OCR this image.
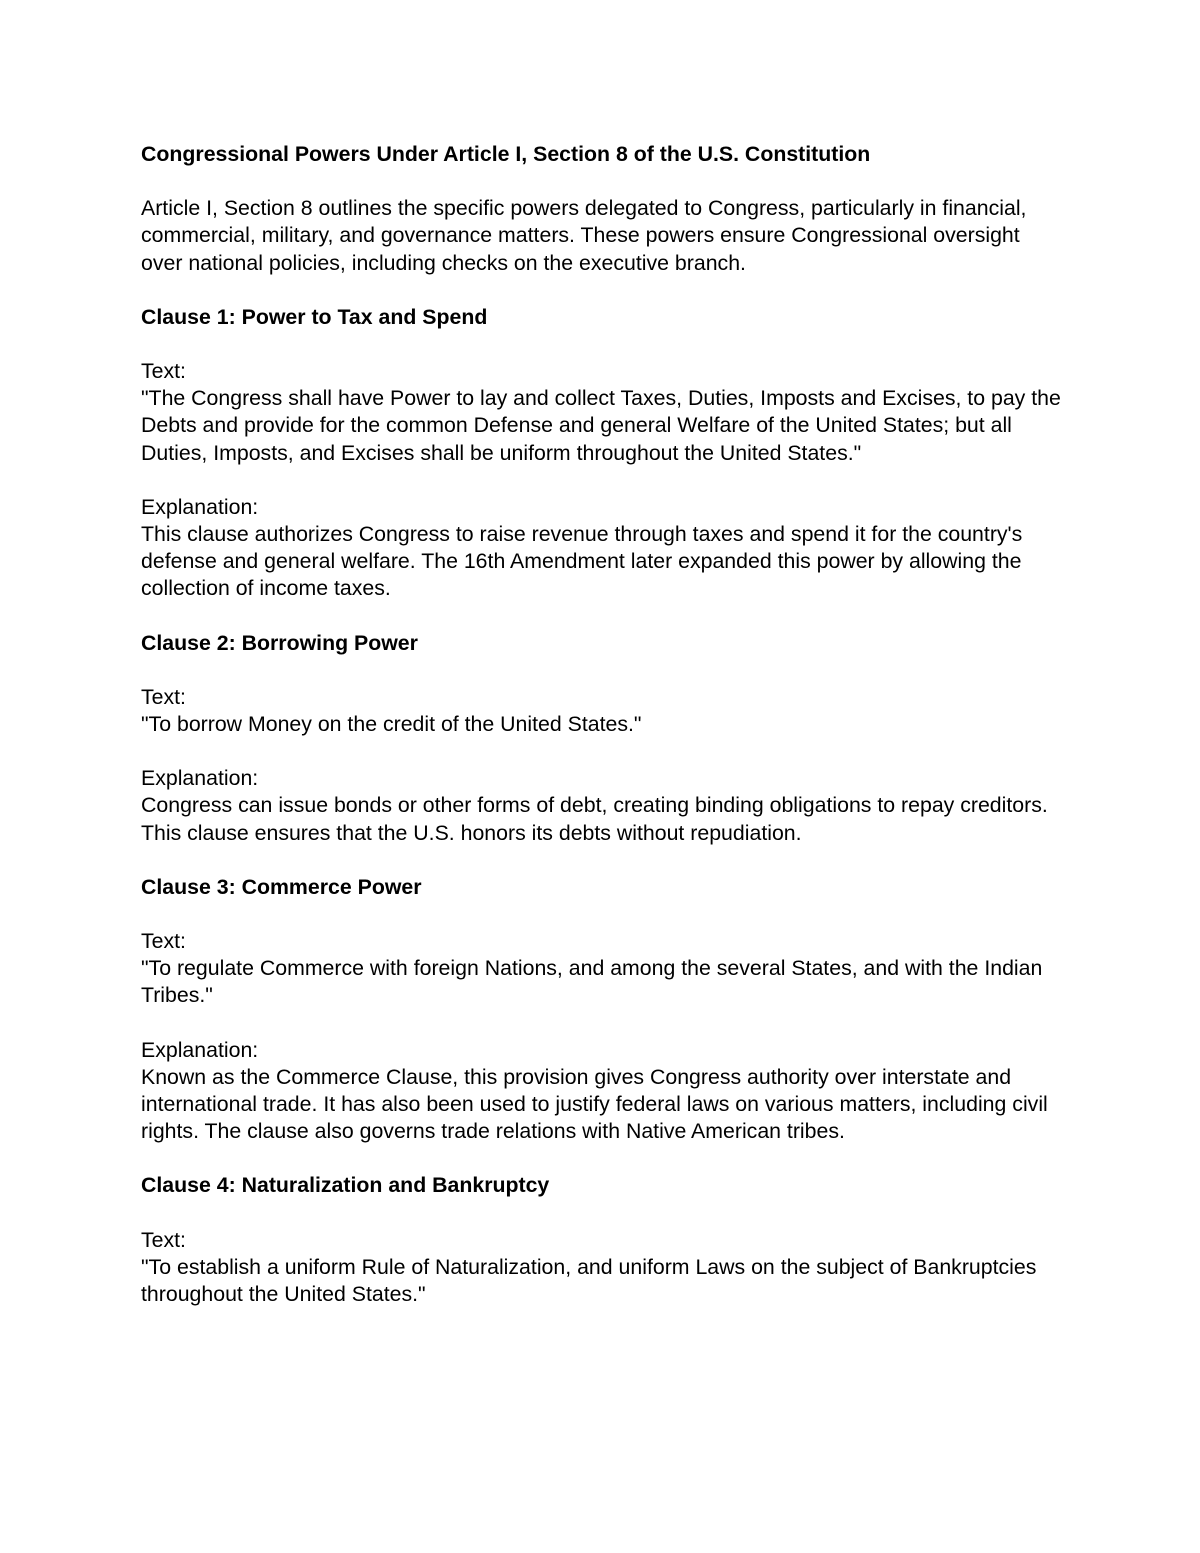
Congressional Powers Under Article I, Section 8 of the U.S. Constitution
Article I, Section 8 outlines the specific powers delegated to Congress, particularly in financial, commercial, military, and governance matters. These powers ensure Congressional oversight over national policies, including checks on the executive branch.
Clause 1: Power to Tax and Spend
Text:
"The Congress shall have Power to lay and collect Taxes, Duties, Imposts and Excises, to pay the Debts and provide for the common Defense and general Welfare of the United States; but all Duties, Imposts, and Excises shall be uniform throughout the United States."
Explanation:
This clause authorizes Congress to raise revenue through taxes and spend it for the country's defense and general welfare. The 16th Amendment later expanded this power by allowing the collection of income taxes.
Clause 2: Borrowing Power
Text:
"To borrow Money on the credit of the United States."
Explanation:
Congress can issue bonds or other forms of debt, creating binding obligations to repay creditors. This clause ensures that the U.S. honors its debts without repudiation.
Clause 3: Commerce Power
Text:
"To regulate Commerce with foreign Nations, and among the several States, and with the Indian Tribes."
Explanation:
Known as the Commerce Clause, this provision gives Congress authority over interstate and international trade. It has also been used to justify federal laws on various matters, including civil rights. The clause also governs trade relations with Native American tribes.
Clause 4: Naturalization and Bankruptcy
Text:
"To establish a uniform Rule of Naturalization, and uniform Laws on the subject of Bankruptcies throughout the United States."
